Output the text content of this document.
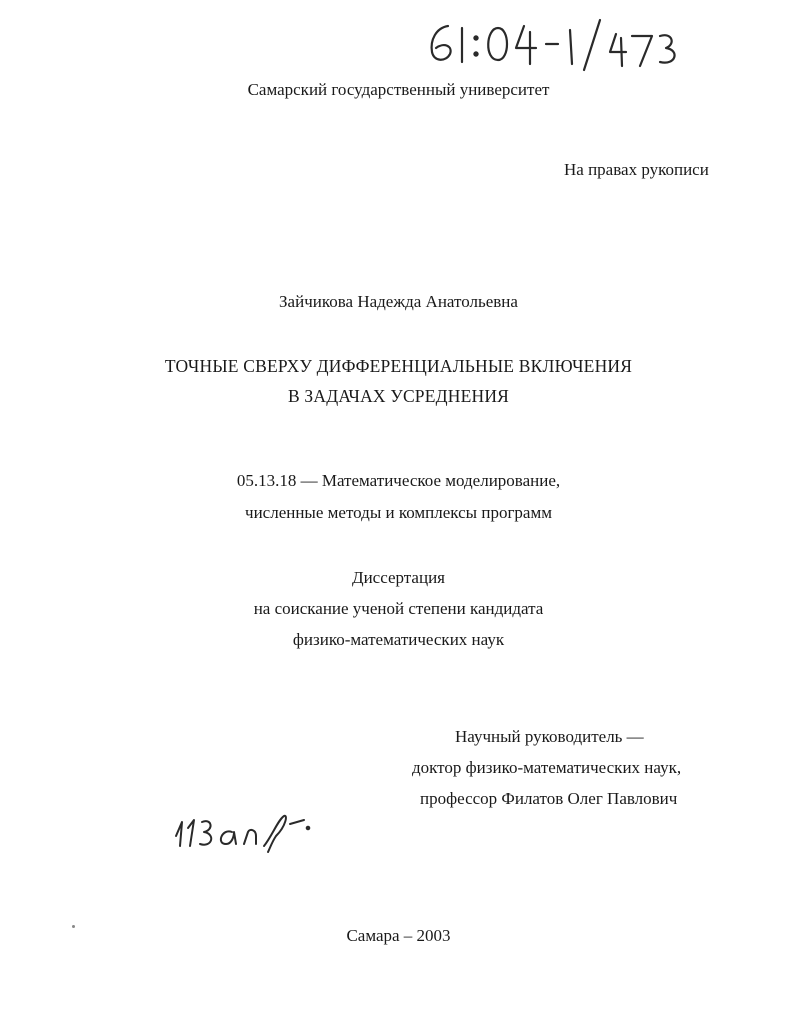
Самарский государственный университет
На правах рукописи
Зайчикова Надежда Анатольевна
ТОЧНЫЕ СВЕРХУ ДИФФЕРЕНЦИАЛЬНЫЕ ВКЛЮЧЕНИЯ
В ЗАДАЧАХ УСРЕДНЕНИЯ
05.13.18 — Математическое моделирование,
численные методы и комплексы программ
Диссертация
на соискание ученой степени кандидата
физико-математических наук
Научный руководитель —
доктор физико-математических наук,
профессор Филатов Олег Павлович
Самара – 2003
